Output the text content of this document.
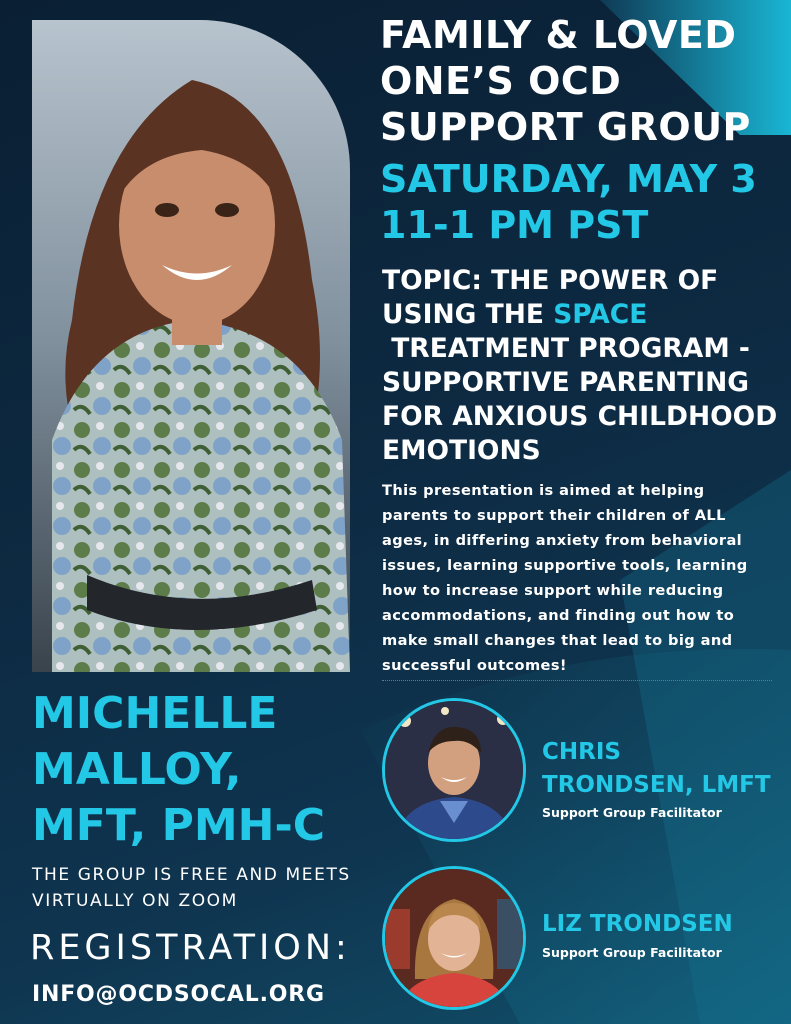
FAMILY & LOVED ONE’S OCD SUPPORT GROUP
SATURDAY, MAY 3
11-1 PM PST

TOPIC: THE POWER OF USING THE SPACE
TREATMENT PROGRAM - SUPPORTIVE PARENTING FOR ANXIOUS CHILDHOOD EMOTIONS

This presentation is aimed at helping parents to support their children of ALL ages, in differing anxiety from behavioral issues, learning supportive tools, learning how to increase support while reducing accommodations, and finding out how to make small changes that lead to big and successful outcomes!

MICHELLE MALLOY, MFT, PMH-C

THE GROUP IS FREE AND MEETS VIRTUALLY ON ZOOM

REGISTRATION:

INFO@OCDSOCAL.ORG

CHRIS TRONDSEN, LMFT

Support Group Facilitator

LIZ TRONDSEN

Support Group Facilitator
